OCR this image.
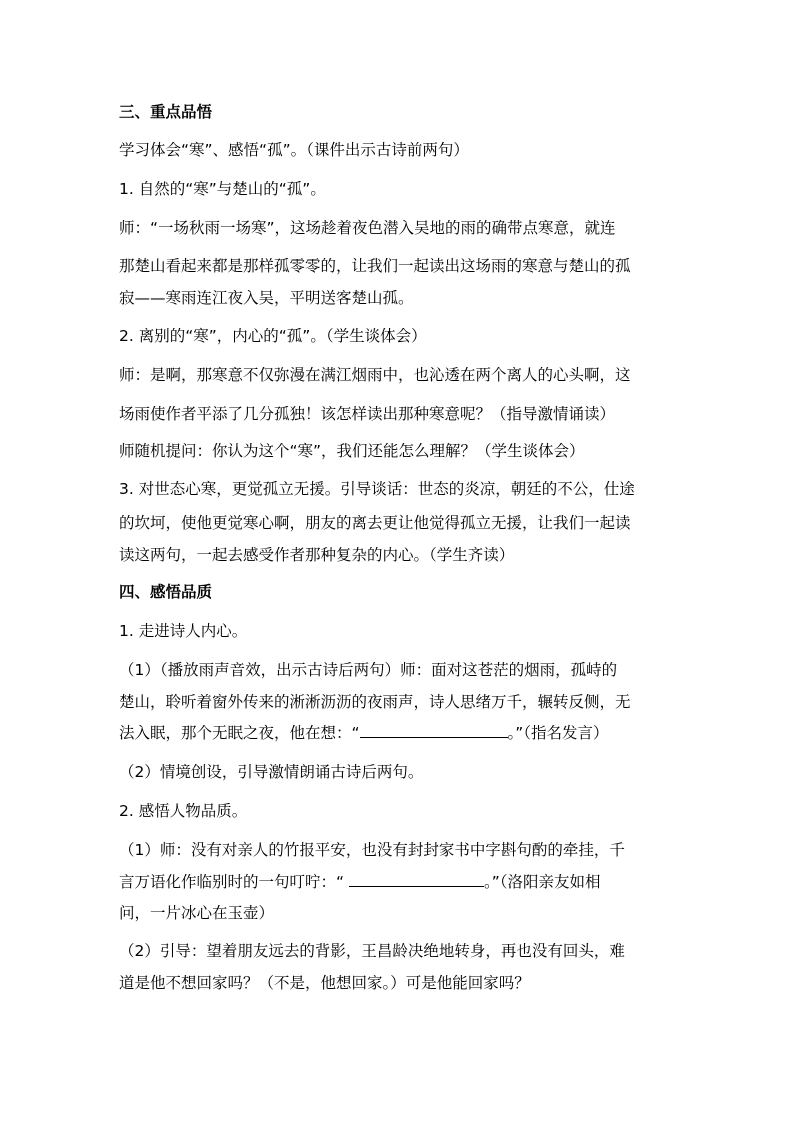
三、重点品悟
学习体会“寒”、感悟“孤”。（课件出示古诗前两句）
1. 自然的“寒”与楚山的“孤”。
师：“一场秋雨一场寒”，这场趁着夜色潜入吴地的雨的确带点寒意，就连
那楚山看起来都是那样孤零零的，让我们一起读出这场雨的寒意与楚山的孤
寂——寒雨连江夜入吴，平明送客楚山孤。
2. 离别的“寒”，内心的“孤”。（学生谈体会）
师：是啊，那寒意不仅弥漫在满江烟雨中，也沁透在两个离人的心头啊，这
场雨使作者平添了几分孤独！该怎样读出那种寒意呢？（指导激情诵读）
师随机提问：你认为这个“寒”，我们还能怎么理解？（学生谈体会）
3. 对世态心寒，更觉孤立无援。引导谈话：世态的炎凉，朝廷的不公，仕途
的坎坷，使他更觉寒心啊，朋友的离去更让他觉得孤立无援，让我们一起读
读这两句，一起去感受作者那种复杂的内心。（学生齐读）
四、感悟品质
1. 走进诗人内心。
（1）（播放雨声音效，出示古诗后两句）师：面对这苍茫的烟雨，孤峙的
楚山，聆听着窗外传来的淅淅沥沥的夜雨声，诗人思绪万千，辗转反侧，无
法入眠，那个无眠之夜，他在想：“	。”（指名发言）
（2）情境创设，引导激情朗诵古诗后两句。
2. 感悟人物品质。
（1）师：没有对亲人的竹报平安，也没有封封家书中字斟句酌的牵挂，千
言万语化作临别时的一句叮咛：“	。”（洛阳亲友如相
问，一片冰心在玉壶）
（2）引导：望着朋友远去的背影，王昌龄决绝地转身，再也没有回头，难
道是他不想回家吗？（不是，他想回家。）可是他能回家吗？
